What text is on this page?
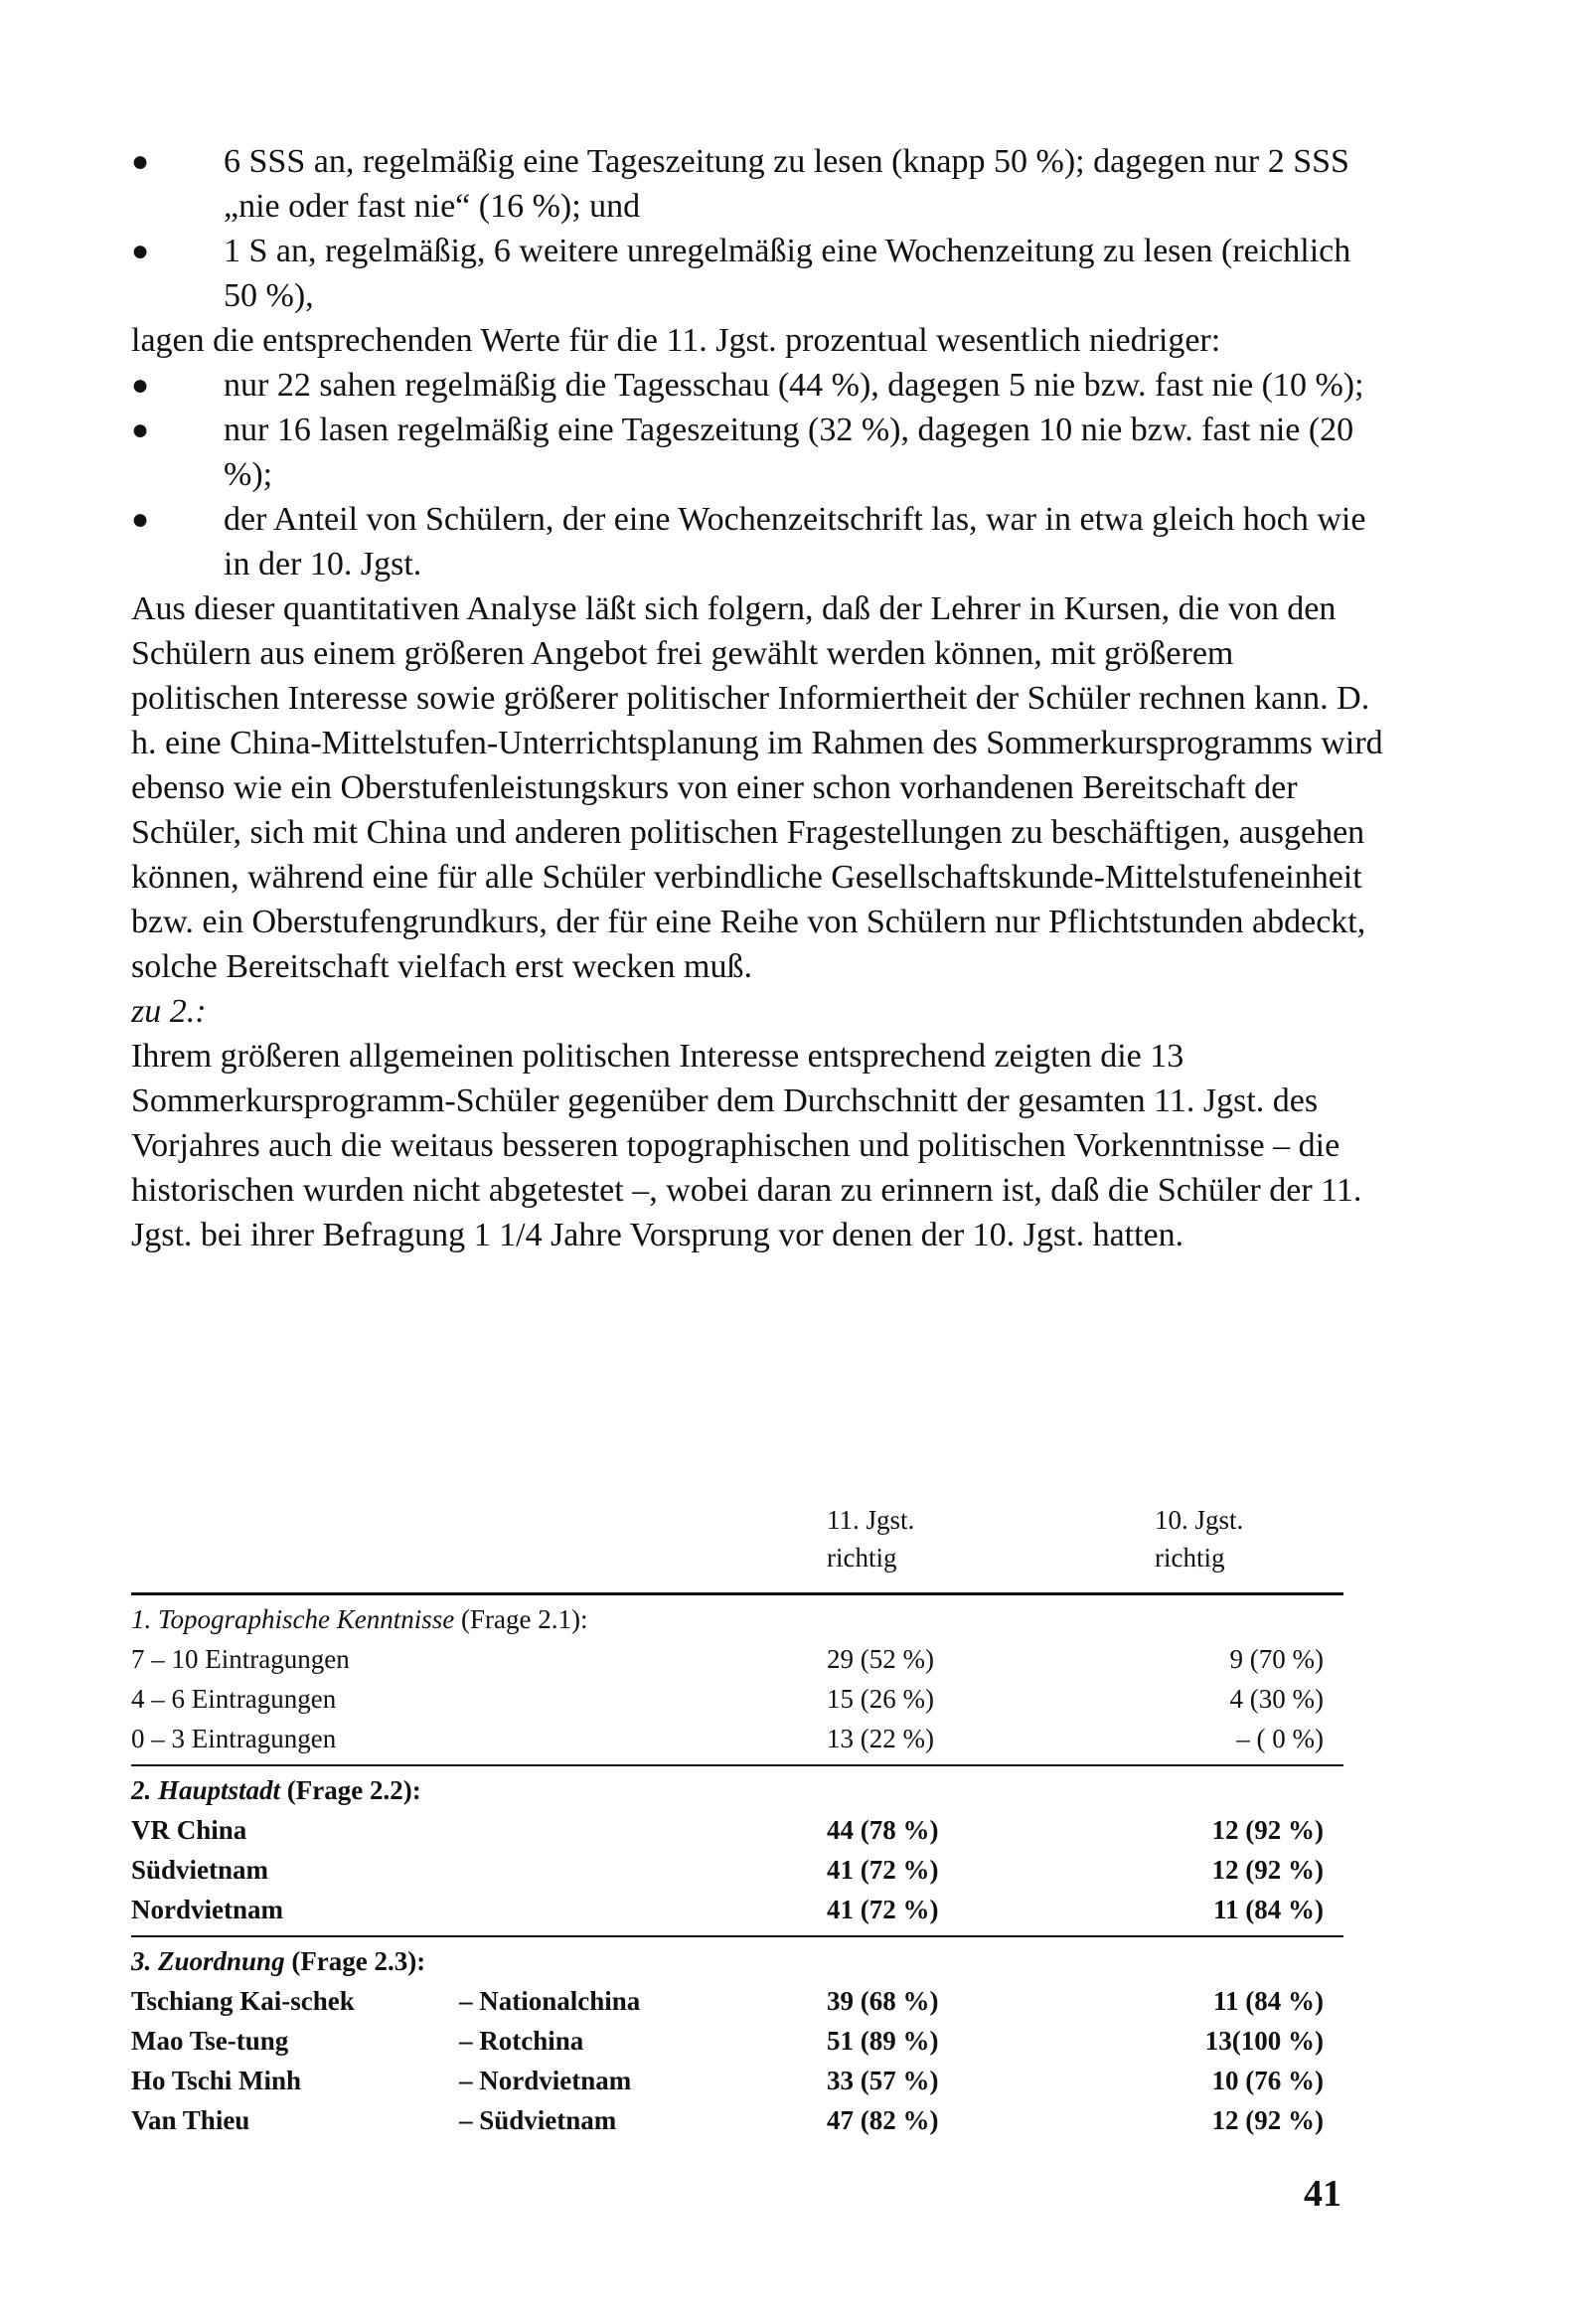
● 6 SSS an, regelmäßig eine Tageszeitung zu lesen (knapp 50 %); dagegen nur 2 SSS „nie oder fast nie“ (16 %); und
● 1 S an, regelmäßig, 6 weitere unregelmäßig eine Wochenzeitung zu lesen (reichlich 50 %),

lagen die entsprechenden Werte für die 11. Jgst. prozentual wesentlich niedriger:

● nur 22 sahen regelmäßig die Tagesschau (44 %), dagegen 5 nie bzw. fast nie (10 %);
● nur 16 lasen regelmäßig eine Tageszeitung (32 %), dagegen 10 nie bzw. fast nie (20 %);
● der Anteil von Schülern, der eine Wochenzeitschrift las, war in etwa gleich hoch wie in der 10. Jgst.

Aus dieser quantitativen Analyse läßt sich folgern, daß der Lehrer in Kursen, die von den Schülern aus einem größeren Angebot frei gewählt werden können, mit größerem politischen Interesse sowie größerer politischer Informiertheit der Schüler rechnen kann. D. h. eine China-Mittelstufen-Unterrichtsplanung im Rahmen des Sommerkursprogramms wird ebenso wie ein Oberstufenleistungskurs von einer schon vorhandenen Bereitschaft der Schüler, sich mit China und anderen politischen Fragestellungen zu beschäftigen, ausgehen können, während eine für alle Schüler verbindliche Gesellschaftskunde-Mittelstufeneinheit bzw. ein Oberstufengrundkurs, der für eine Reihe von Schülern nur Pflichtstunden abdeckt, solche Bereitschaft vielfach erst wecken muß.

zu 2.:

Ihrem größeren allgemeinen politischen Interesse entsprechend zeigten die 13 Sommerkursprogramm-Schüler gegenüber dem Durchschnitt der gesamten 11. Jgst. des Vorjahres auch die weitaus besseren topographischen und politischen Vorkenntnisse – die historischen wurden nicht abgetestet –, wobei daran zu erinnern ist, daß die Schüler der 11. Jgst. bei ihrer Befragung 1 1/4 Jahre Vorsprung vor denen der 10. Jgst. hatten.

11. Jgst.
richtig
10. Jgst.
richtig
1. Topographische Kenntnisse (Frage 2.1):
7 – 10 Eintragungen	29 (52 %)	9 (70 %)
4 – 6 Eintragungen	15 (26 %)	4 (30 %)
0 – 3 Eintragungen	13 (22 %)	– ( 0 %)
2. Hauptstadt (Frage 2.2):
VR China	44 (78 %)	12 (92 %)
Südvietnam	41 (72 %)	12 (92 %)
Nordvietnam	41 (72 %)	11 (84 %)
3. Zuordnung (Frage 2.3):
Tschiang Kai-schek	– Nationalchina	39 (68 %)	11 (84 %)
Mao Tse-tung	– Rotchina	51 (89 %)	13(100 %)
Ho Tschi Minh	– Nordvietnam	33 (57 %)	10 (76 %)
Van Thieu	– Südvietnam	47 (82 %)	12 (92 %)
41
